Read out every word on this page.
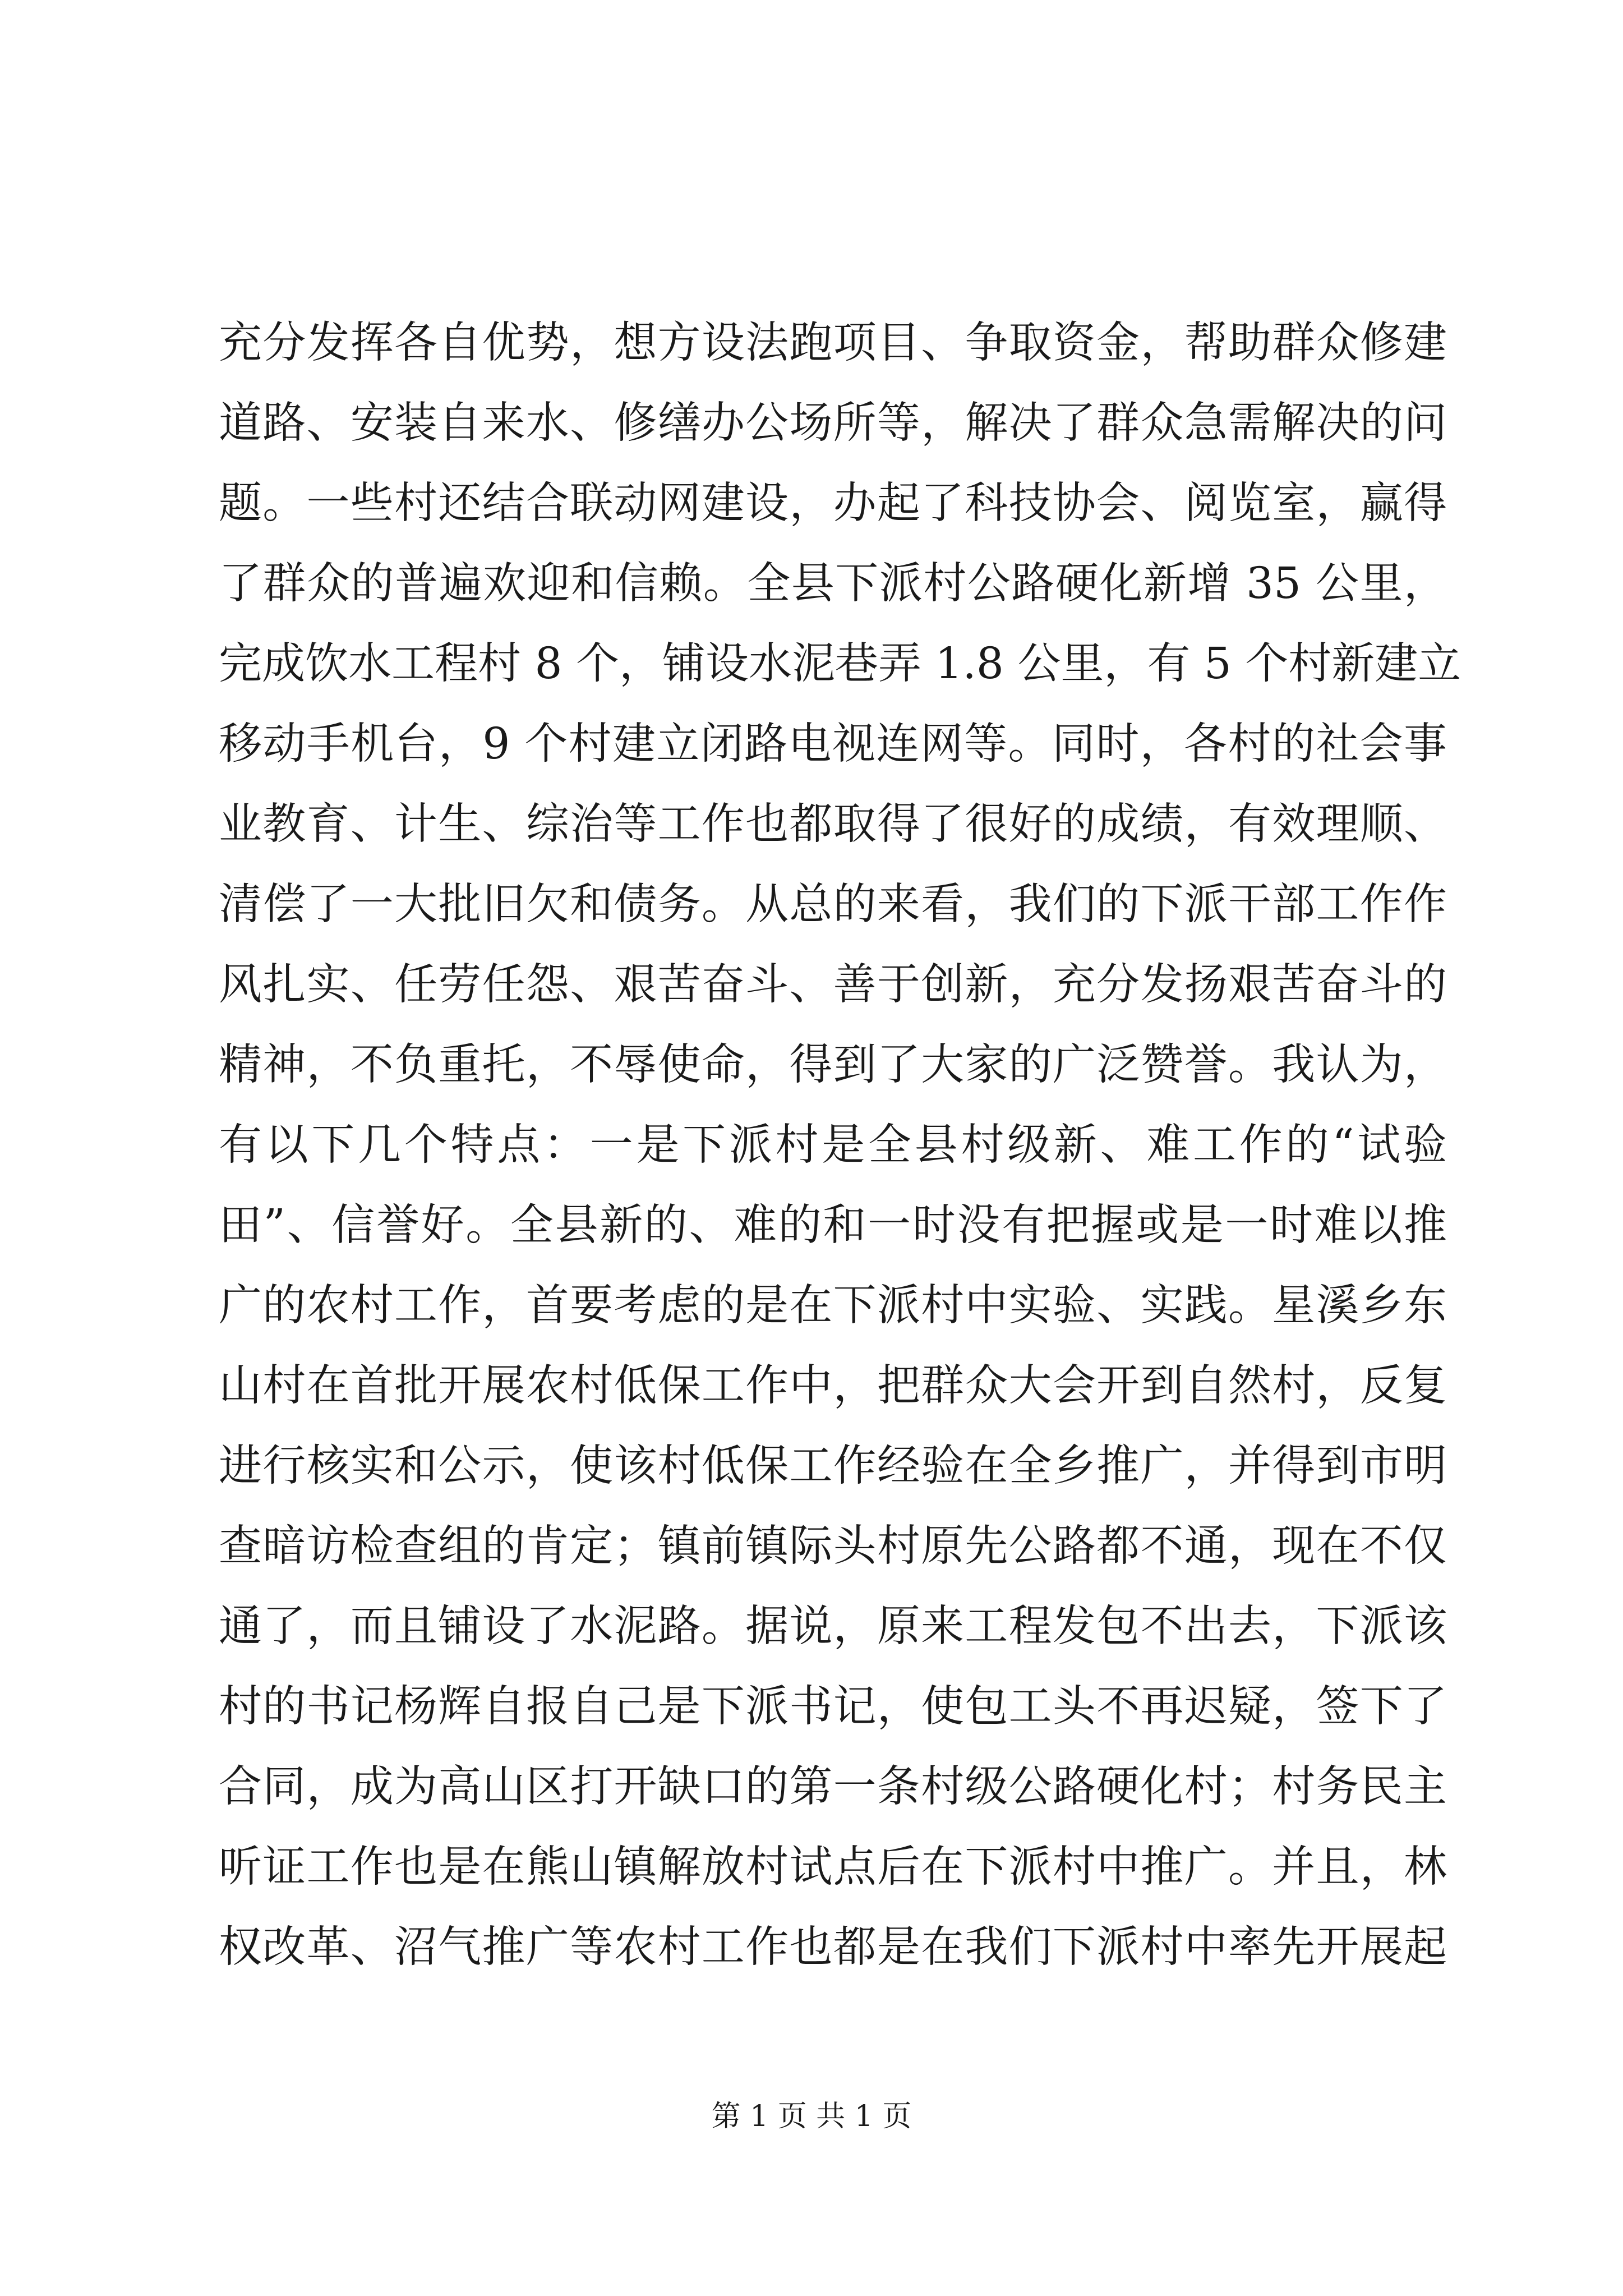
充分发挥各自优势，想方设法跑项目、争取资金，帮助群众修建
道路、安装自来水、修缮办公场所等，解决了群众急需解决的问
题。一些村还结合联动网建设，办起了科技协会、阅览室，赢得
了群众的普遍欢迎和信赖。全县下派村公路硬化新增 35 公里，
完成饮水工程村 8 个，铺设水泥巷弄 1.8 公里，有 5 个村新建立
移动手机台，9 个村建立闭路电视连网等。同时，各村的社会事
业教育、计生、综治等工作也都取得了很好的成绩，有效理顺、
清偿了一大批旧欠和债务。从总的来看，我们的下派干部工作作
风扎实、任劳任怨、艰苦奋斗、善于创新，充分发扬艰苦奋斗的
精神，不负重托，不辱使命，得到了大家的广泛赞誉。我认为，
有以下几个特点：一是下派村是全县村级新、难工作的“试验
田”、信誉好。全县新的、难的和一时没有把握或是一时难以推
广的农村工作，首要考虑的是在下派村中实验、实践。星溪乡东
山村在首批开展农村低保工作中，把群众大会开到自然村，反复
进行核实和公示，使该村低保工作经验在全乡推广，并得到市明
查暗访检查组的肯定；镇前镇际头村原先公路都不通，现在不仅
通了，而且铺设了水泥路。据说，原来工程发包不出去，下派该
村的书记杨辉自报自己是下派书记，使包工头不再迟疑，签下了
合同，成为高山区打开缺口的第一条村级公路硬化村；村务民主
听证工作也是在熊山镇解放村试点后在下派村中推广。并且，林
权改革、沼气推广等农村工作也都是在我们下派村中率先开展起
第 1 页 共 1 页
